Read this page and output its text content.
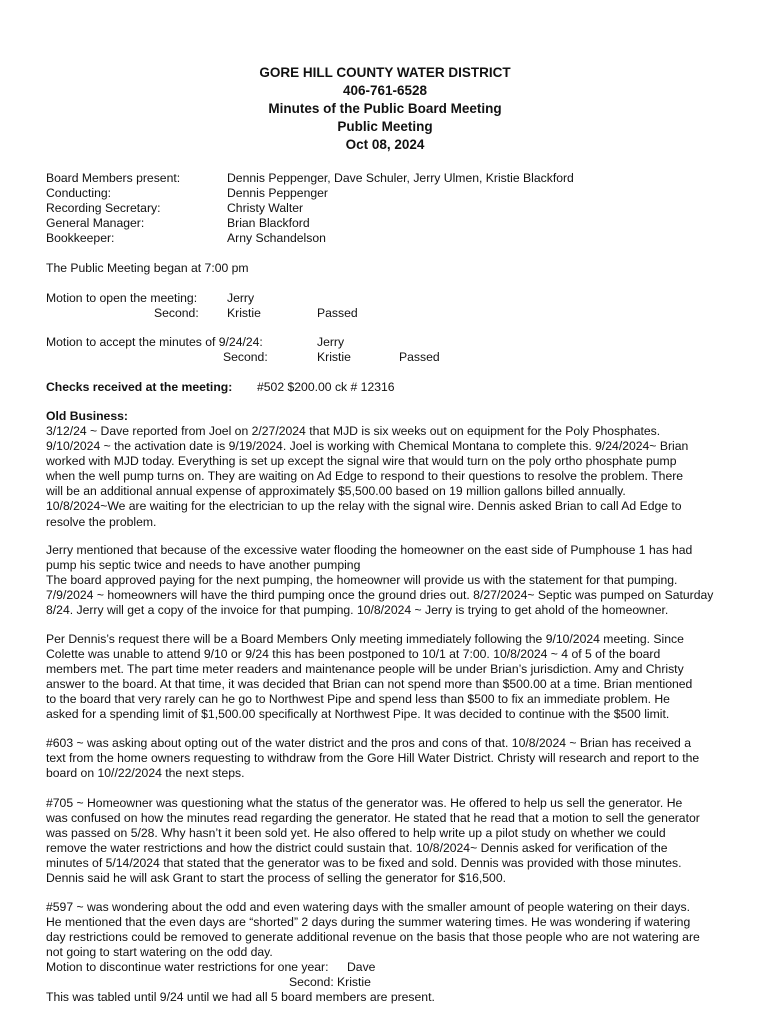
GORE HILL COUNTY WATER DISTRICT
406-761-6528
Minutes of the Public Board Meeting
Public Meeting
Oct 08, 2024
Board Members present:	Dennis Peppenger, Dave Schuler, Jerry Ulmen, Kristie Blackford
Conducting:	Dennis Peppenger
Recording Secretary:	Christy Walter
General Manager:	Brian Blackford
Bookkeeper:	Arny Schandelson
The Public Meeting began at 7:00 pm
Motion to open the meeting: Jerry
Second: Kristie	Passed
Motion to accept the minutes of 9/24/24:	Jerry
Second:	Kristie	Passed
Checks received at the meeting: #502 $200.00 ck # 12316
Old Business:
3/12/24 ~ Dave reported from Joel on 2/27/2024 that MJD is six weeks out on equipment for the Poly Phosphates.
9/10/2024 ~ the activation date is 9/19/2024. Joel is working with Chemical Montana to complete this. 9/24/2024~ Brian
worked with MJD today. Everything is set up except the signal wire that would turn on the poly ortho phosphate pump
when the well pump turns on. They are waiting on Ad Edge to respond to their questions to resolve the problem. There
will be an additional annual expense of approximately $5,500.00 based on 19 million gallons billed annually.
10/8/2024~We are waiting for the electrician to up the relay with the signal wire. Dennis asked Brian to call Ad Edge to
resolve the problem.
Jerry mentioned that because of the excessive water flooding the homeowner on the east side of Pumphouse 1 has had
pump his septic twice and needs to have another pumping
The board approved paying for the next pumping, the homeowner will provide us with the statement for that pumping.
7/9/2024 ~ homeowners will have the third pumping once the ground dries out. 8/27/2024~ Septic was pumped on Saturday
8/24. Jerry will get a copy of the invoice for that pumping. 10/8/2024 ~ Jerry is trying to get ahold of the homeowner.
Per Dennis’s request there will be a Board Members Only meeting immediately following the 9/10/2024 meeting. Since
Colette was unable to attend 9/10 or 9/24 this has been postponed to 10/1 at 7:00. 10/8/2024 ~ 4 of 5 of the board
members met. The part time meter readers and maintenance people will be under Brian’s jurisdiction. Amy and Christy
answer to the board. At that time, it was decided that Brian can not spend more than $500.00 at a time. Brian mentioned
to the board that very rarely can he go to Northwest Pipe and spend less than $500 to fix an immediate problem. He
asked for a spending limit of $1,500.00 specifically at Northwest Pipe. It was decided to continue with the $500 limit.
#603 ~ was asking about opting out of the water district and the pros and cons of that. 10/8/2024 ~ Brian has received a
text from the home owners requesting to withdraw from the Gore Hill Water District. Christy will research and report to the
board on 10//22/2024 the next steps.
#705 ~ Homeowner was questioning what the status of the generator was. He offered to help us sell the generator. He
was confused on how the minutes read regarding the generator. He stated that he read that a motion to sell the generator
was passed on 5/28. Why hasn’t it been sold yet. He also offered to help write up a pilot study on whether we could
remove the water restrictions and how the district could sustain that. 10/8/2024~ Dennis asked for verification of the
minutes of 5/14/2024 that stated that the generator was to be fixed and sold. Dennis was provided with those minutes.
Dennis said he will ask Grant to start the process of selling the generator for $16,500.
#597 ~ was wondering about the odd and even watering days with the smaller amount of people watering on their days.
He mentioned that the even days are “shorted” 2 days during the summer watering times. He was wondering if watering
day restrictions could be removed to generate additional revenue on the basis that those people who are not watering are
not going to start watering on the odd day.
Motion to discontinue water restrictions for one year: Dave
Second: Kristie
This was tabled until 9/24 until we had all 5 board members are present.
